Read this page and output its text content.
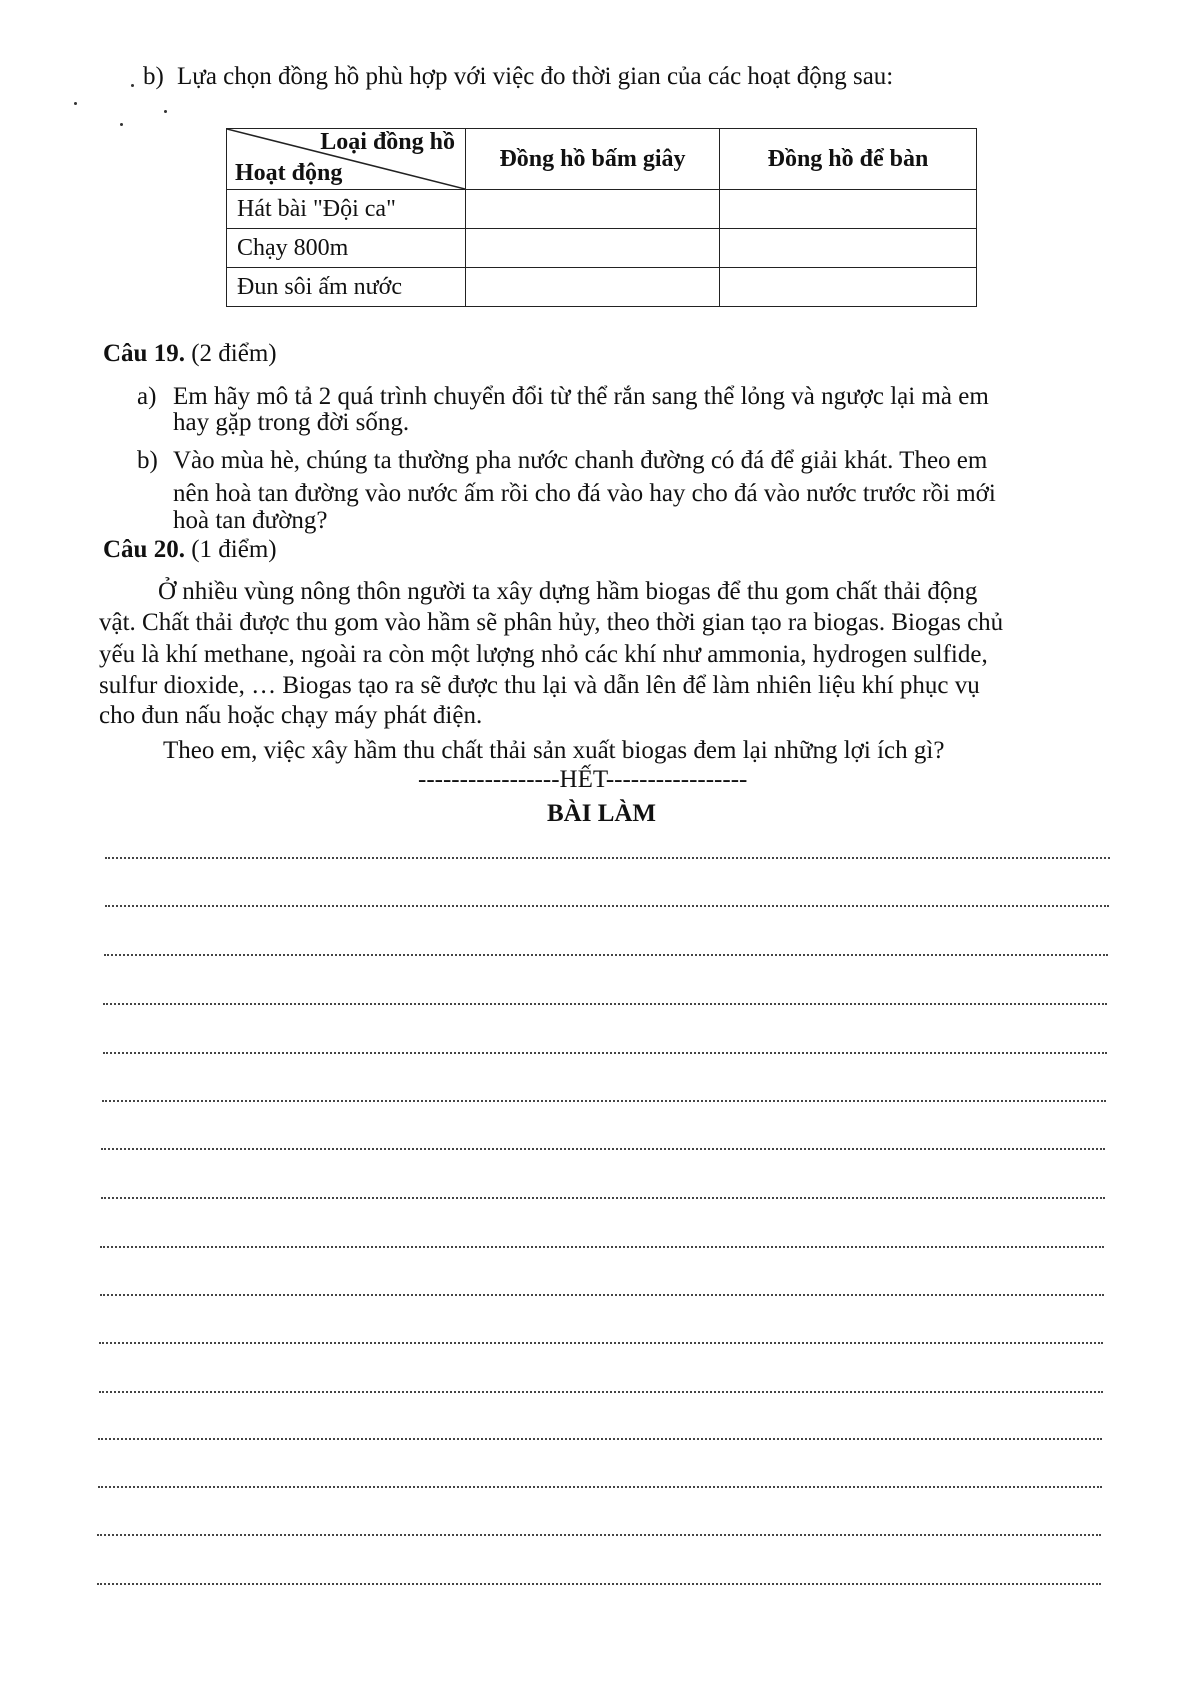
b) Lựa chọn đồng hồ phù hợp với việc đo thời gian của các hoạt động sau:
Loại đồng hồ
Hoạt động	Đồng hồ bấm giây	Đồng hồ để bàn
Hát bài "Đội ca"		
Chạy 800m		
Đun sôi ấm nước		
Câu 19. (2 điểm)
a) Em hãy mô tả 2 quá trình chuyển đổi từ thể rắn sang thể lỏng và ngược lại mà em
hay gặp trong đời sống.
b) Vào mùa hè, chúng ta thường pha nước chanh đường có đá để giải khát. Theo em
nên hoà tan đường vào nước ấm rồi cho đá vào hay cho đá vào nước trước rồi mới
hoà tan đường?
Câu 20. (1 điểm)
Ở nhiều vùng nông thôn người ta xây dựng hầm biogas để thu gom chất thải động
vật. Chất thải được thu gom vào hầm sẽ phân hủy, theo thời gian tạo ra biogas. Biogas chủ
yếu là khí methane, ngoài ra còn một lượng nhỏ các khí như ammonia, hydrogen sulfide,
sulfur dioxide, … Biogas tạo ra sẽ được thu lại và dẫn lên để làm nhiên liệu khí phục vụ
cho đun nấu hoặc chạy máy phát điện.
Theo em, việc xây hầm thu chất thải sản xuất biogas đem lại những lợi ích gì?
-----------------HẾT-----------------
BÀI LÀM
